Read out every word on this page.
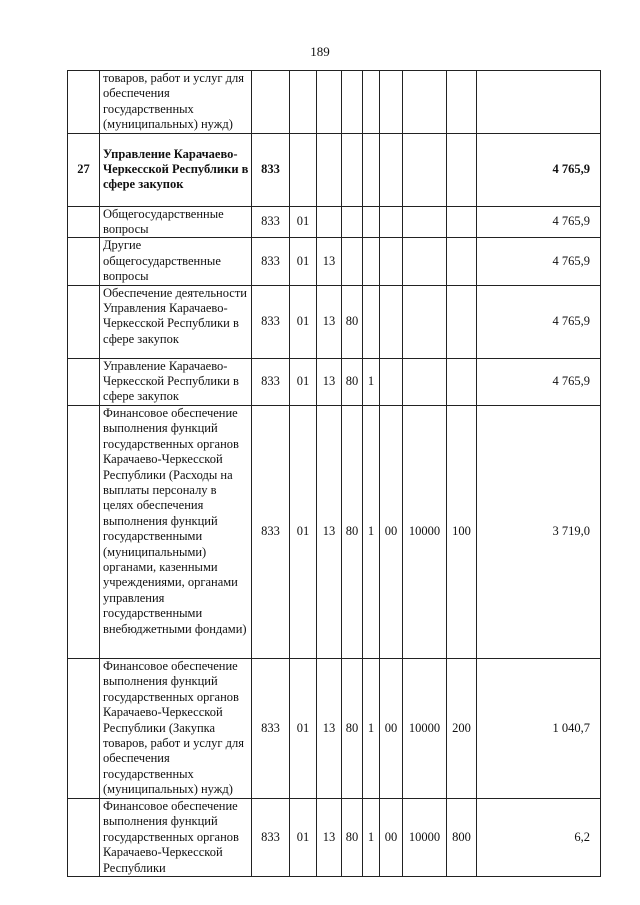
189
	товаров, работ и услуг для обеспечения государственных (муниципальных) нужд)									
27	Управление Карачаево-Черкесской Республики в сфере закупок	833								4 765,9
	Общегосударственные вопросы	833	01							4 765,9
	Другие общегосударственные вопросы	833	01	13						4 765,9
	Обеспечение деятельности Управления Карачаево-Черкесской Республики в сфере закупок	833	01	13	80					4 765,9
	Управление Карачаево-Черкесской Республики в сфере закупок	833	01	13	80	1				4 765,9
	Финансовое обеспечение выполнения функций государственных органов Карачаево-Черкесской Республики (Расходы на выплаты персоналу в целях обеспечения выполнения функций государственными (муниципальными) органами, казенными учреждениями, органами управления государственными внебюджетными фондами)	833	01	13	80	1	00	10000	100	3 719,0
	Финансовое обеспечение выполнения функций государственных органов Карачаево-Черкесской Республики (Закупка товаров, работ и услуг для обеспечения государственных (муниципальных) нужд)	833	01	13	80	1	00	10000	200	1 040,7
	Финансовое обеспечение выполнения функций государственных органов Карачаево-Черкесской Республики	833	01	13	80	1	00	10000	800	6,2
